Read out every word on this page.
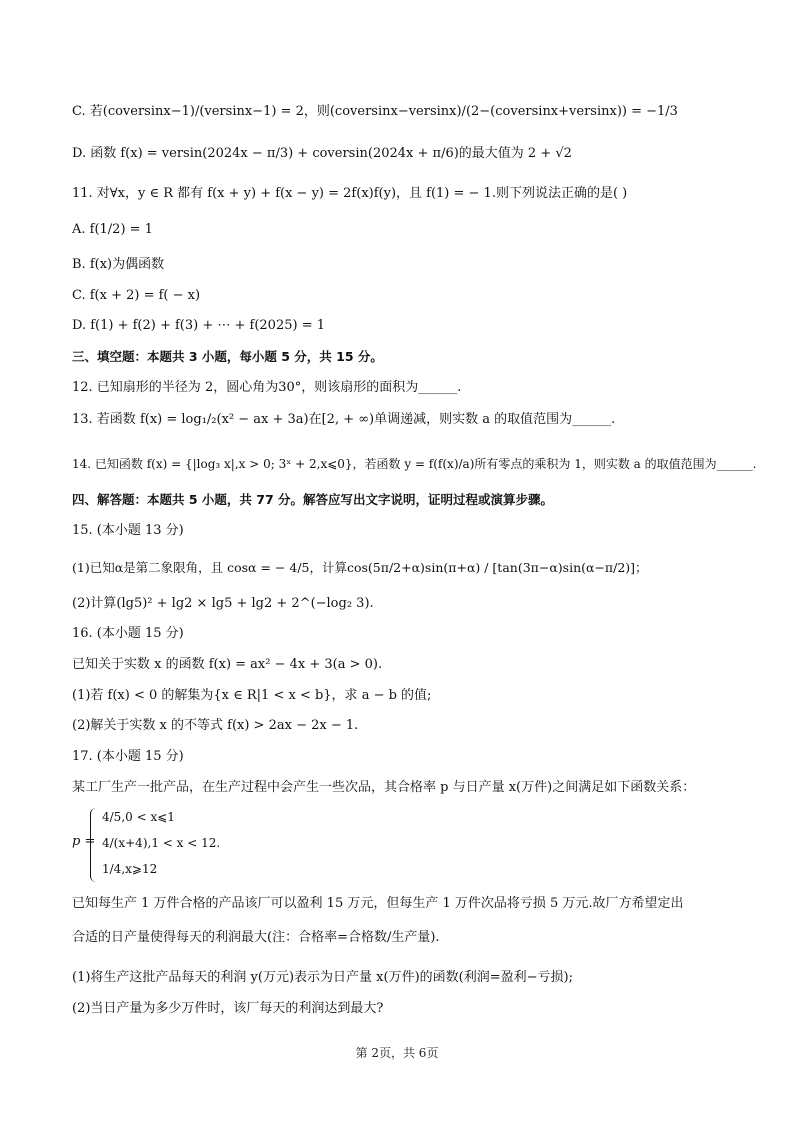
C. 若(coversinx−1)/(versinx−1) = 2，则(coversinx−versinx)/(2−(coversinx+versinx)) = −1/3
D. 函数 f(x) = versin(2024x − π/3) + coversin(2024x + π/6)的最大值为 2 + √2
11. 对∀x，y ∈ R 都有 f(x + y) + f(x − y) = 2f(x)f(y)，且 f(1) = − 1.则下列说法正确的是( )
A. f(1/2) = 1
B. f(x)为偶函数
C. f(x + 2) = f( − x)
D. f(1) + f(2) + f(3) + ⋯ + f(2025) = 1
三、填空题：本题共 3 小题，每小题 5 分，共 15 分。
12. 已知扇形的半径为 2，圆心角为30°，则该扇形的面积为______.
13. 若函数 f(x) = log₁/₂(x² − ax + 3a)在[2, + ∞)单调递减，则实数 a 的取值范围为______.
14. 已知函数 f(x) = {|log₃ x|,x > 0; 3ˣ + 2,x⩽0}，若函数 y = f(f(x)/a)所有零点的乘积为 1，则实数 a 的取值范围为______.
四、解答题：本题共 5 小题，共 77 分。解答应写出文字说明，证明过程或演算步骤。
15. (本小题 13 分)
(1)已知α是第二象限角，且 cosα = − 4/5，计算cos(5π/2+α)sin(π+α) / [tan(3π−α)sin(α−π/2)]；
(2)计算(lg5)² + lg2 × lg5 + lg2 + 2^(−log₂ 3).
16. (本小题 15 分)
已知关于实数 x 的函数 f(x) = ax² − 4x + 3(a > 0).
(1)若 f(x) < 0 的解集为{x ∈ R|1 < x < b}，求 a − b 的值;
(2)解关于实数 x 的不等式 f(x) > 2ax − 2x − 1.
17. (本小题 15 分)
某工厂生产一批产品，在生产过程中会产生一些次品，其合格率 p 与日产量 x(万件)之间满足如下函数关系：
p =
4/5,0 < x⩽1
4/(x+4),1 < x < 12.
1/4,x⩾12
已知每生产 1 万件合格的产品该厂可以盈利 15 万元，但每生产 1 万件次品将亏损 5 万元.故厂方希望定出
合适的日产量使得每天的利润最大(注：合格率=合格数/生产量).
(1)将生产这批产品每天的利润 y(万元)表示为日产量 x(万件)的函数(利润=盈利−亏损);
(2)当日产量为多少万件时，该厂每天的利润达到最大?
第 2页，共 6页
